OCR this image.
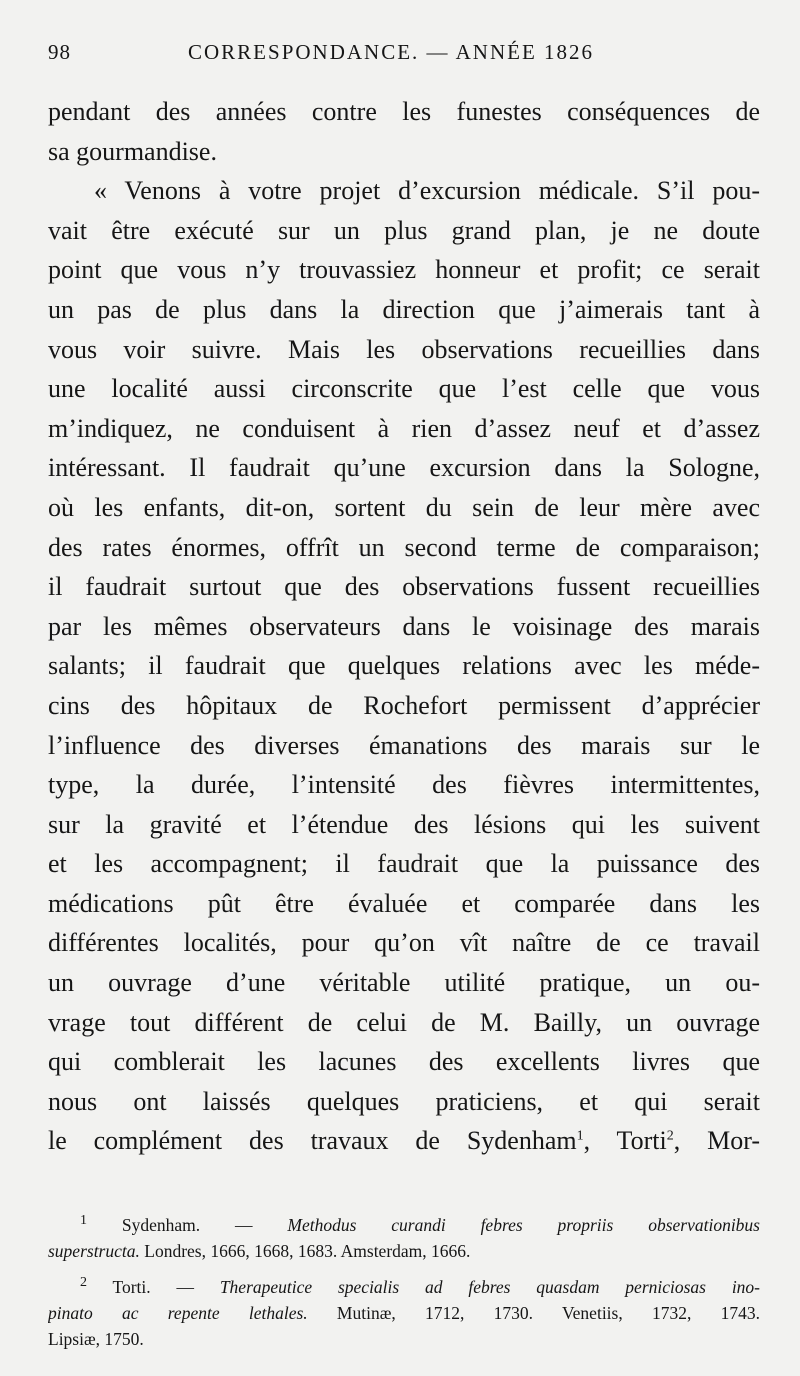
98	CORRESPONDANCE. — ANNÉE 1826
pendant des années contre les funestes conséquences de
sa gourmandise.
« Venons à votre projet d’excursion médicale. S’il pou-
vait être exécuté sur un plus grand plan, je ne doute
point que vous n’y trouvassiez honneur et profit; ce serait
un pas de plus dans la direction que j’aimerais tant à
vous voir suivre. Mais les observations recueillies dans
une localité aussi circonscrite que l’est celle que vous
m’indiquez, ne conduisent à rien d’assez neuf et d’assez
intéressant. Il faudrait qu’une excursion dans la Sologne,
où les enfants, dit-on, sortent du sein de leur mère avec
des rates énormes, offrît un second terme de comparaison;
il faudrait surtout que des observations fussent recueillies
par les mêmes observateurs dans le voisinage des marais
salants; il faudrait que quelques relations avec les méde-
cins des hôpitaux de Rochefort permissent d’apprécier
l’influence des diverses émanations des marais sur le
type, la durée, l’intensité des fièvres intermittentes,
sur la gravité et l’étendue des lésions qui les suivent
et les accompagnent; il faudrait que la puissance des
médications pût être évaluée et comparée dans les
différentes localités, pour qu’on vît naître de ce travail
un ouvrage d’une véritable utilité pratique, un ou-
vrage tout différent de celui de M. Bailly, un ouvrage
qui comblerait les lacunes des excellents livres que
nous ont laissés quelques praticiens, et qui serait
le complément des travaux de Sydenham$^1$, Torti$^2$, Mor-
$^1$ Sydenham. — Methodus curandi febres propriis observationibus
superstructa. Londres, 1666, 1668, 1683. Amsterdam, 1666.
$^2$ Torti. — Therapeutice specialis ad febres quasdam perniciosas ino-
pinato ac repente lethales. Mutinæ, 1712, 1730. Venetiis, 1732, 1743.
Lipsiæ, 1750.
